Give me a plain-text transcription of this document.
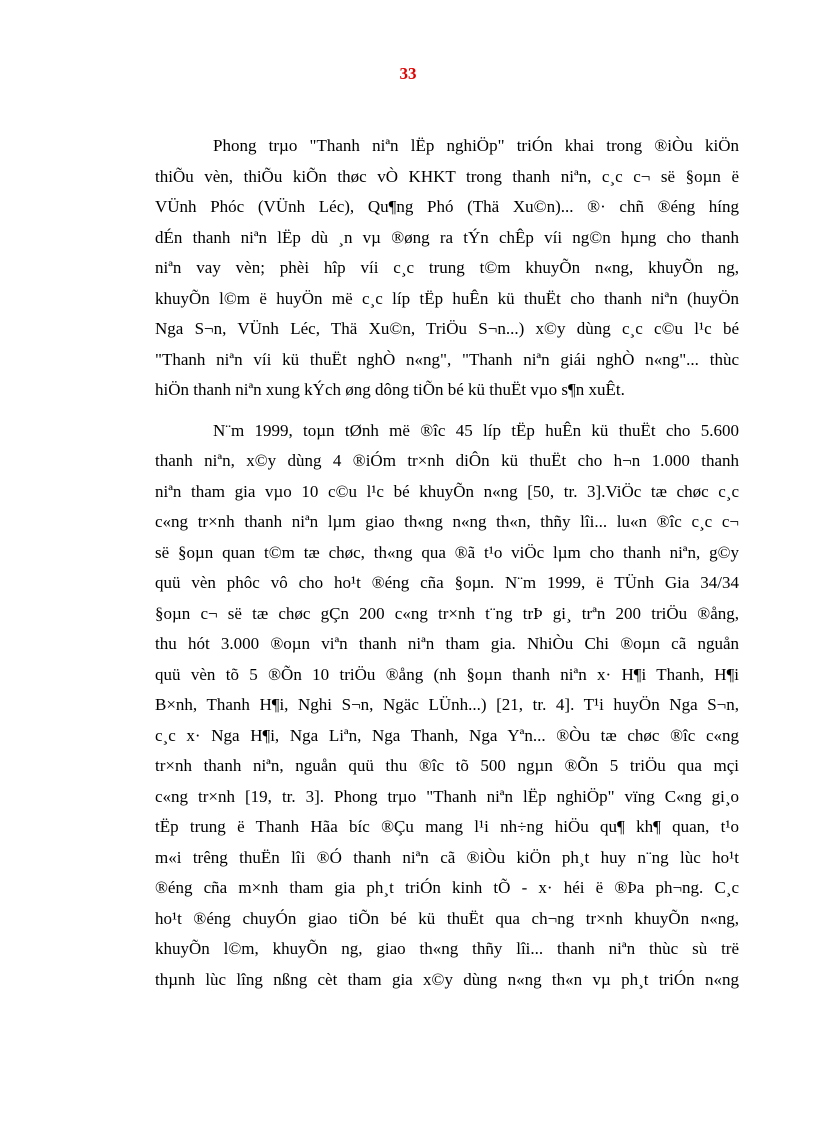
33
Phong trµo "Thanh niªn lËp nghiÖp" triÓn khai trong ®iÒu kiÖn
thiÕu vèn, thiÕu kiÕn thøc vÒ KHKT trong thanh niªn, c¸c c¬ së §oµn ë
VÜnh Phóc (VÜnh Léc), Qu¶ng Phó (Thä Xu©n)... ®· chñ ®éng híng
dÉn thanh niªn lËp dù ¸n vµ ®øng ra tÝn chÊp víi ng©n hµng cho thanh
niªn vay vèn; phèi hîp víi c¸c trung t©m khuyÕn n«ng, khuyÕn ng,
khuyÕn l©m ë huyÖn më c¸c líp tËp huÊn kü thuËt cho thanh niªn (huyÖn
Nga S¬n, VÜnh Léc, Thä Xu©n, TriÖu S¬n...) x©y dùng c¸c c©u l¹c bé
"Thanh niªn víi kü thuËt nghÒ n«ng", "Thanh niªn giái nghÒ n«ng"... thùc
hiÖn thanh niªn xung kÝch øng dông tiÕn bé kü thuËt vµo s¶n xuÊt.
N¨m 1999, toµn tØnh më ®îc 45 líp tËp huÊn kü thuËt cho 5.600
thanh niªn, x©y dùng 4 ®iÓm tr×nh diÔn kü thuËt cho h¬n 1.000 thanh
niªn tham gia vµo 10 c©u l¹c bé khuyÕn n«ng [50, tr. 3].ViÖc tæ chøc c¸c
c«ng tr×nh thanh niªn lµm giao th«ng n«ng th«n, thñy lîi... lu«n ®îc c¸c c¬
së §oµn quan t©m tæ chøc, th«ng qua ®ã t¹o viÖc lµm cho thanh niªn, g©y
quü vèn phôc vô cho ho¹t ®éng cña §oµn. N¨m 1999, ë TÜnh Gia 34/34
§oµn c¬ së tæ chøc gÇn 200 c«ng tr×nh t¨ng trÞ gi¸ trªn 200 triÖu ®ång,
thu hót 3.000 ®oµn viªn thanh niªn tham gia. NhiÒu Chi ®oµn cã nguån
quü vèn tõ 5 ®Õn 10 triÖu ®ång (nh §oµn thanh niªn x· H¶i Thanh, H¶i
B×nh, Thanh H¶i, Nghi S¬n, Ngäc LÜnh...) [21, tr. 4]. T¹i huyÖn Nga S¬n,
c¸c x· Nga H¶i, Nga Liªn, Nga Thanh, Nga Yªn... ®Òu tæ chøc ®îc c«ng
tr×nh thanh niªn, nguån quü thu ®îc tõ 500 ngµn ®Õn 5 triÖu qua mçi
c«ng tr×nh [19, tr. 3]. Phong trµo "Thanh niªn lËp nghiÖp" vïng C«ng gi¸o
tËp trung ë Thanh Hãa bíc ®Çu mang l¹i nh÷ng hiÖu qu¶ kh¶ quan, t¹o
m«i trêng thuËn lîi ®Ó thanh niªn cã ®iÒu kiÖn ph¸t huy n¨ng lùc ho¹t
®éng cña m×nh tham gia ph¸t triÓn kinh tÕ - x· héi ë ®Þa ph¬ng. C¸c
ho¹t ®éng chuyÓn giao tiÕn bé kü thuËt qua ch¬ng tr×nh khuyÕn n«ng,
khuyÕn l©m, khuyÕn ng, giao th«ng thñy lîi... thanh niªn thùc sù trë
thµnh lùc lîng nßng cèt tham gia x©y dùng n«ng th«n vµ ph¸t triÓn n«ng
